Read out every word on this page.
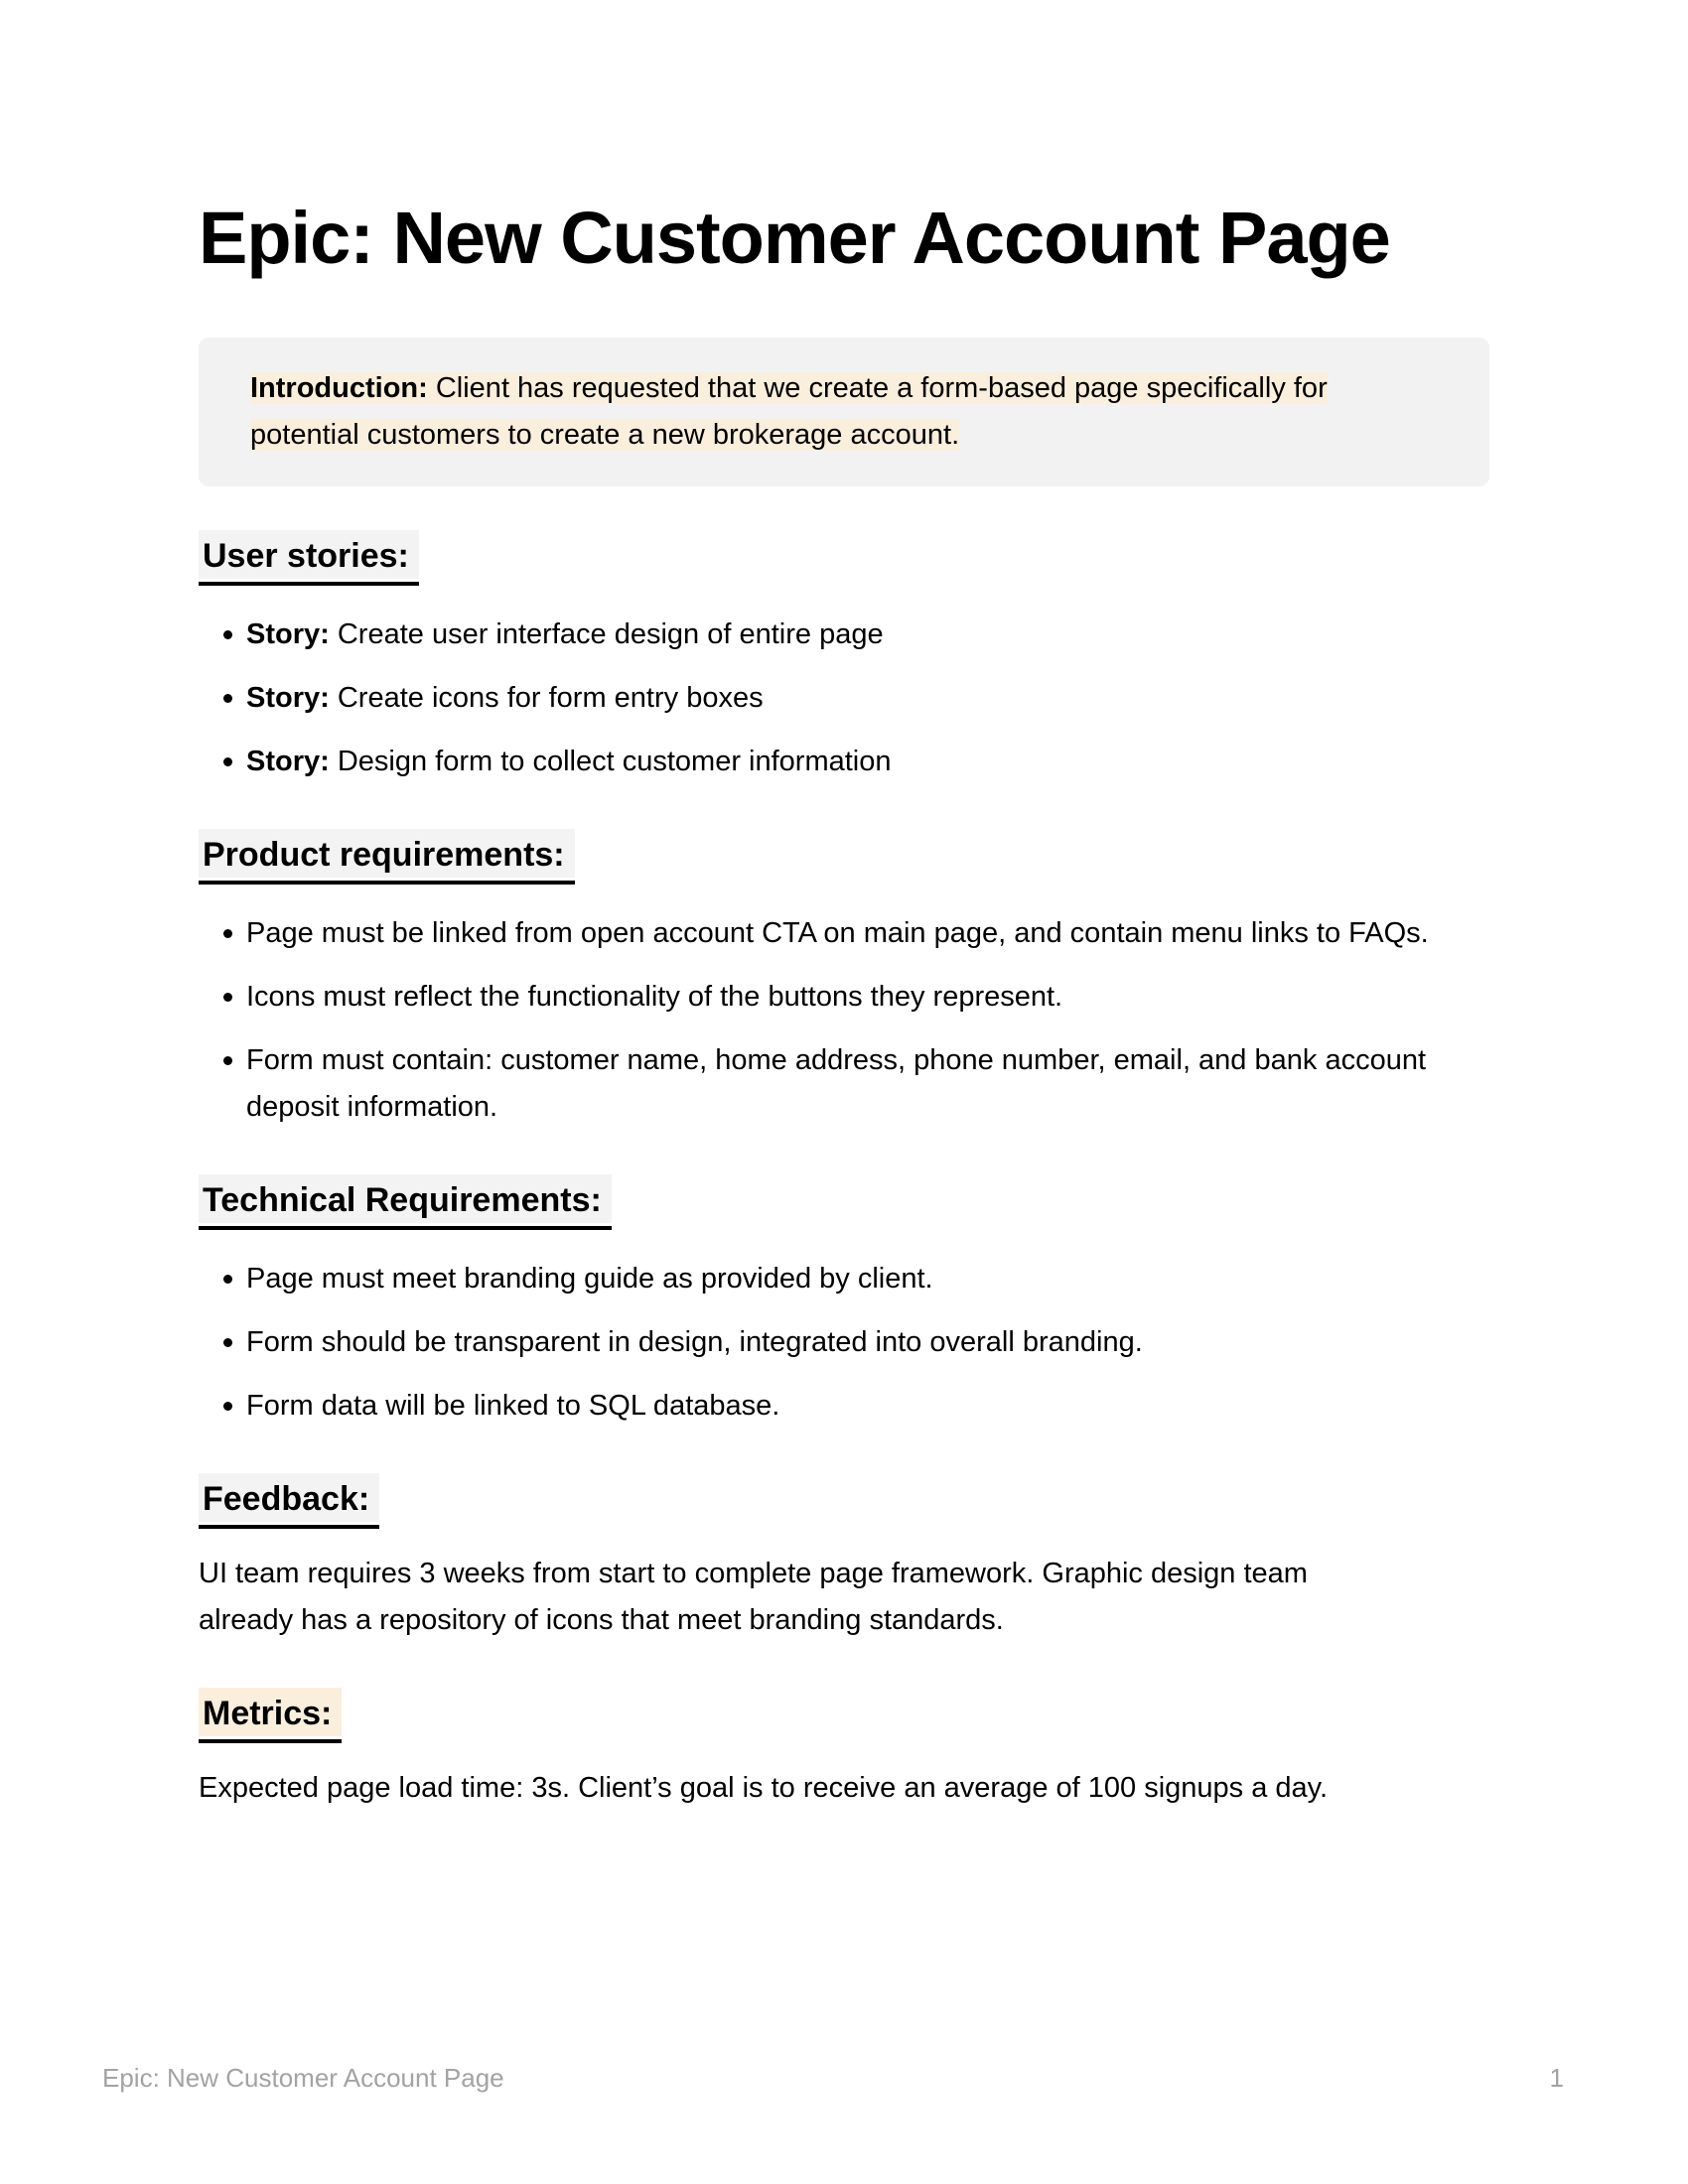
Epic: New Customer Account Page
Introduction: Client has requested that we create a form-based page specifically for potential customers to create a new brokerage account.
User stories:
Story: Create user interface design of entire page
Story: Create icons for form entry boxes
Story: Design form to collect customer information
Product requirements:
Page must be linked from open account CTA on main page, and contain menu links to FAQs.
Icons must reflect the functionality of the buttons they represent.
Form must contain: customer name, home address, phone number, email, and bank account deposit information.
Technical Requirements:
Page must meet branding guide as provided by client.
Form should be transparent in design, integrated into overall branding.
Form data will be linked to SQL database.
Feedback:

UI team requires 3 weeks from start to complete page framework. Graphic design team already has a repository of icons that meet branding standards.

Metrics:

Expected page load time: 3s. Client’s goal is to receive an average of 100 signups a day.

Epic: New Customer Account Page	1
